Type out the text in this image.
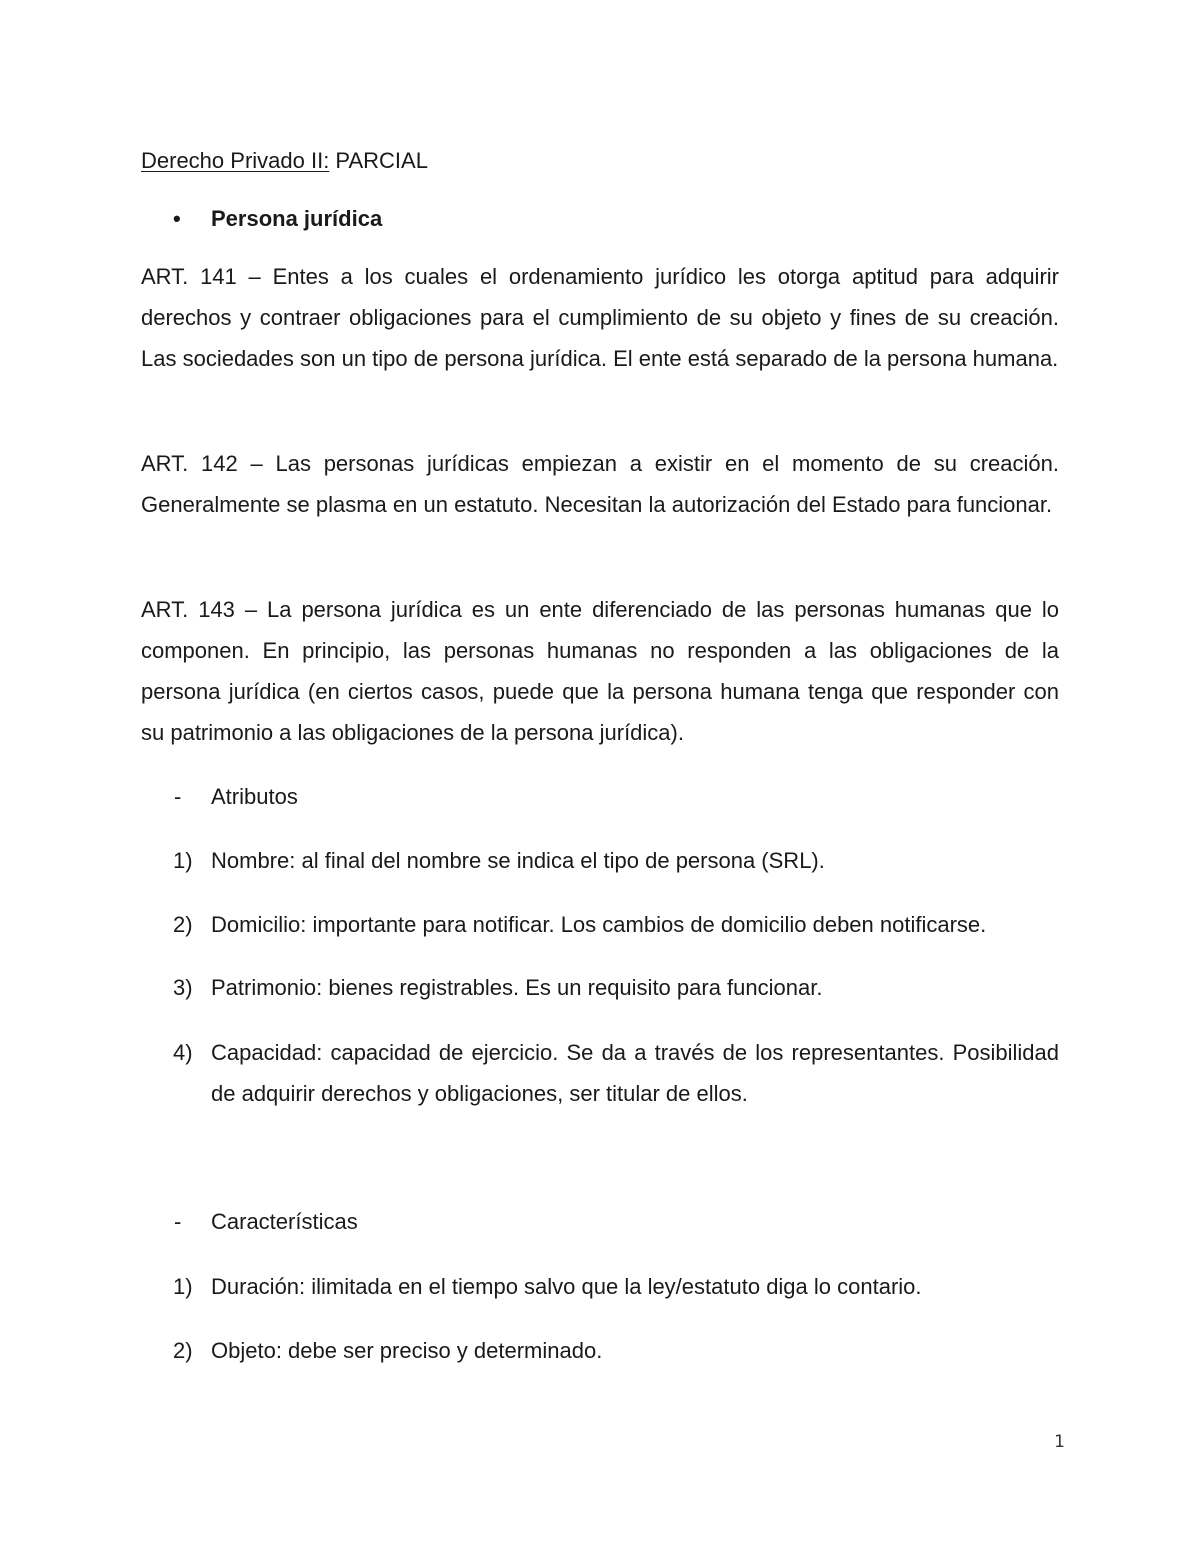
Derecho Privado II: PARCIAL
• Persona jurídica
ART. 141 – Entes a los cuales el ordenamiento jurídico les otorga aptitud para adquirir derechos y contraer obligaciones para el cumplimiento de su objeto y fines de su creación. Las sociedades son un tipo de persona jurídica. El ente está separado de la persona humana.
ART. 142 – Las personas jurídicas empiezan a existir en el momento de su creación. Generalmente se plasma en un estatuto. Necesitan la autorización del Estado para funcionar.
ART. 143 – La persona jurídica es un ente diferenciado de las personas humanas que lo componen. En principio, las personas humanas no responden a las obligaciones de la persona jurídica (en ciertos casos, puede que la persona humana tenga que responder con su patrimonio a las obligaciones de la persona jurídica).
- Atributos
1) Nombre: al final del nombre se indica el tipo de persona (SRL).
2) Domicilio: importante para notificar. Los cambios de domicilio deben notificarse.
3) Patrimonio: bienes registrables. Es un requisito para funcionar.
4) Capacidad: capacidad de ejercicio. Se da a través de los representantes. Posibilidad de adquirir derechos y obligaciones, ser titular de ellos.
- Características
1) Duración: ilimitada en el tiempo salvo que la ley/estatuto diga lo contario.
2) Objeto: debe ser preciso y determinado.
1
